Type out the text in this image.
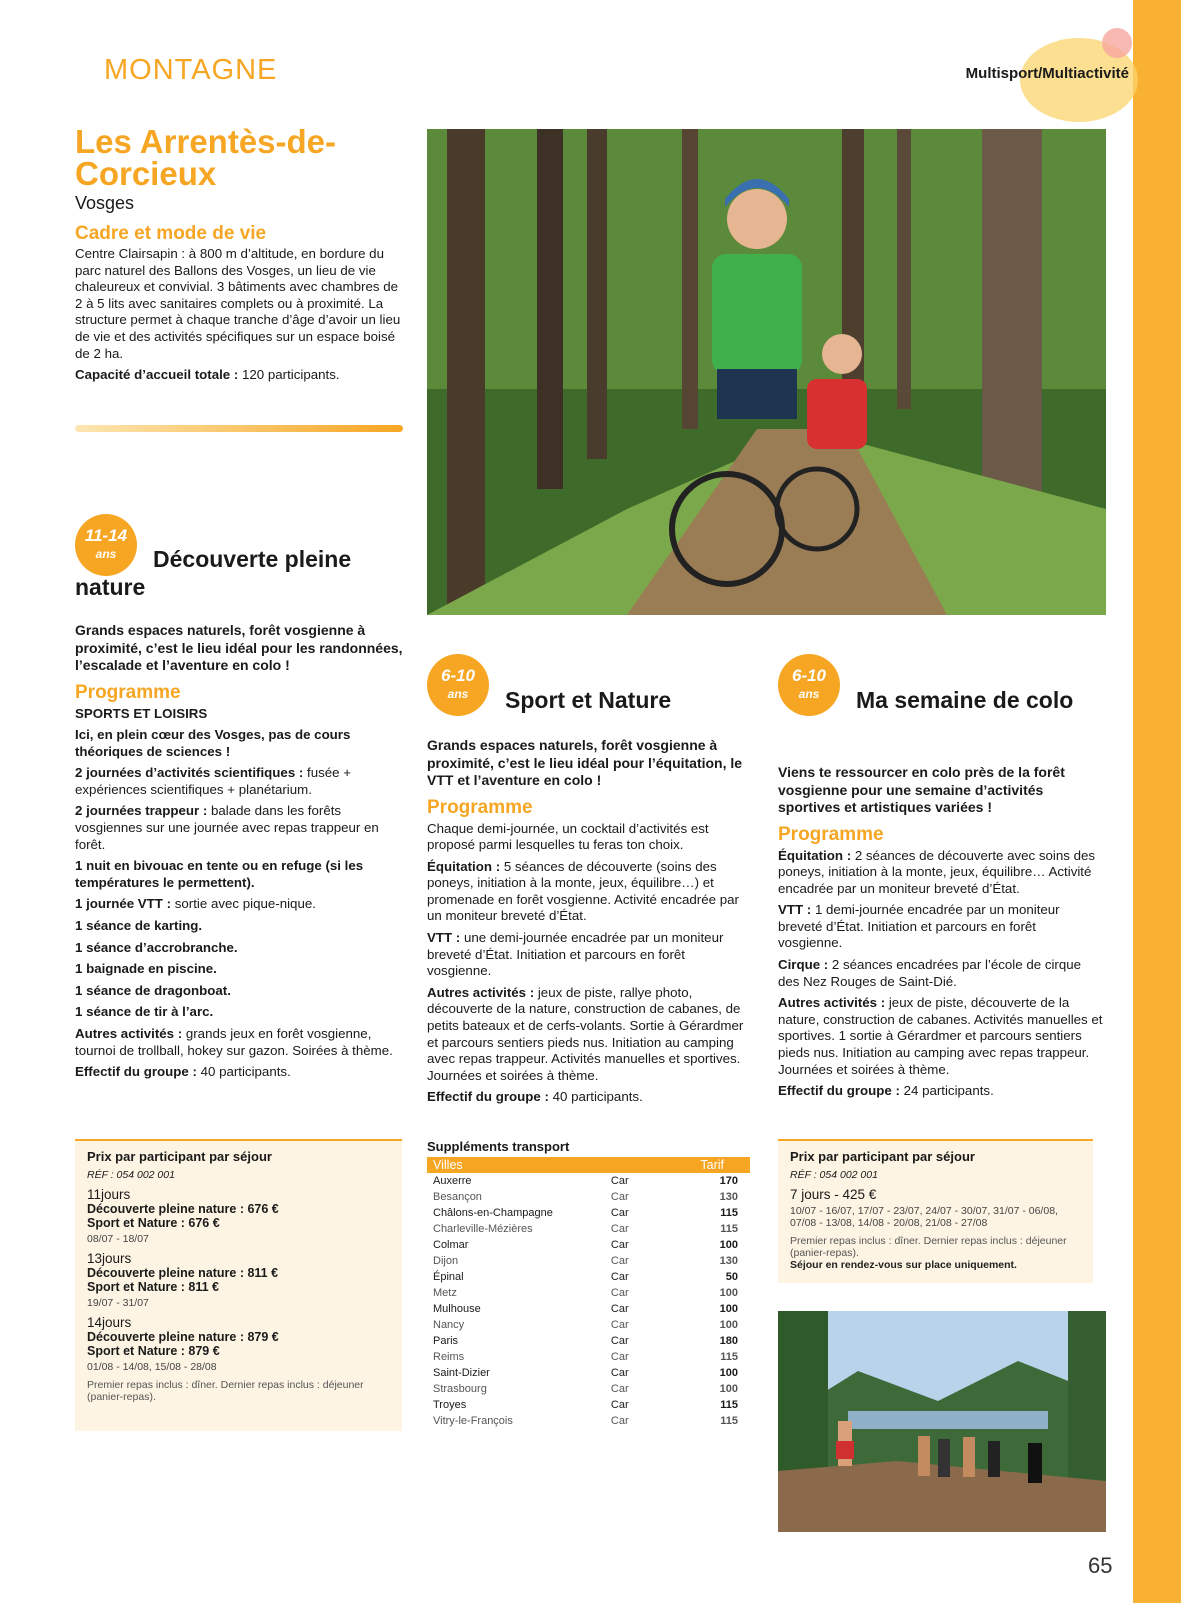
MONTAGNE	Multisport/Multiactivité
Les Arrentès-de-Corcieux
Vosges
Cadre et mode de vie

Centre Clairsapin : à 800 m d’altitude, en bordure du parc naturel des Ballons des Vosges, un lieu de vie chaleureux et convivial. 3 bâtiments avec chambres de 2 à 5 lits avec sanitaires complets ou à proximité. La structure permet à chaque tranche d’âge d’avoir un lieu de vie et des activités spécifiques sur un espace boisé de 2 ha.

Capacité d’accueil totale : 120 participants.

11-14
ans	Découverte pleine nature
Grands espaces naturels, forêt vosgienne à proximité, c’est le lieu idéal pour les randonnées, l’escalade et l’aventure en colo !
Programme

SPORTS ET LOISIRS

Ici, en plein cœur des Vosges, pas de cours théoriques de sciences !

2 journées d’activités scientifiques : fusée + expériences scientifiques + planétarium.

2 journées trappeur : balade dans les forêts vosgiennes sur une journée avec repas trappeur en forêt.

1 nuit en bivouac en tente ou en refuge (si les températures le permettent).

1 journée VTT : sortie avec pique-nique.

1 séance de karting.

1 séance d’accrobranche.

1 baignade en piscine.

1 séance de dragonboat.

1 séance de tir à l’arc.

Autres activités : grands jeux en forêt vosgienne, tournoi de trollball, hokey sur gazon. Soirées à thème.

Effectif du groupe : 40 participants.

Prix par participant par séjour
RÉF : 054 002 001
11jours
Découverte pleine nature : 676 €
Sport et Nature : 676 €
08/07 - 18/07
13jours
Découverte pleine nature : 811 €
Sport et Nature : 811 €
19/07 - 31/07
14jours
Découverte pleine nature : 879 €
Sport et Nature : 879 €
01/08 - 14/08, 15/08 - 28/08
Premier repas inclus : dîner. Dernier repas inclus : déjeuner (panier-repas).
6-10
ans	Sport et Nature
Grands espaces naturels, forêt vosgienne à proximité, c’est le lieu idéal pour l’équitation, le VTT et l’aventure en colo !
Programme

Chaque demi-journée, un cocktail d’activités est proposé parmi lesquelles tu feras ton choix.

Équitation : 5 séances de découverte (soins des poneys, initiation à la monte, jeux, équilibre…) et promenade en forêt vosgienne. Activité encadrée par un moniteur breveté d’État.

VTT : une demi-journée encadrée par un moniteur breveté d’État. Initiation et parcours en forêt vosgienne.

Autres activités : jeux de piste, rallye photo, découverte de la nature, construction de cabanes, de petits bateaux et de cerfs-volants. Sortie à Gérardmer et parcours sentiers pieds nus. Initiation au camping avec repas trappeur. Activités manuelles et sportives. Journées et soirées à thème.

Effectif du groupe : 40 participants.

Suppléments transport
Villes		Tarif
Auxerre	Car	170
Besançon	Car	130
Châlons-en-Champagne	Car	115
Charleville-Mézières	Car	115
Colmar	Car	100
Dijon	Car	130
Épinal	Car	50
Metz	Car	100
Mulhouse	Car	100
Nancy	Car	100
Paris	Car	180
Reims	Car	115
Saint-Dizier	Car	100
Strasbourg	Car	100
Troyes	Car	115
Vitry-le-François	Car	115
6-10
ans	Ma semaine de colo
Viens te ressourcer en colo près de la forêt vosgienne pour une semaine d’activités sportives et artistiques variées !
Programme

Équitation : 2 séances de découverte avec soins des poneys, initiation à la monte, jeux, équilibre… Activité encadrée par un moniteur breveté d’État.

VTT : 1 demi-journée encadrée par un moniteur breveté d’État. Initiation et parcours en forêt vosgienne.

Cirque : 2 séances encadrées par l’école de cirque des Nez Rouges de Saint-Dié.

Autres activités : jeux de piste, découverte de la nature, construction de cabanes. Activités manuelles et sportives. 1 sortie à Gérardmer et parcours sentiers pieds nus. Initiation au camping avec repas trappeur. Journées et soirées à thème.

Effectif du groupe : 24 participants.

Prix par participant par séjour
RÉF : 054 002 001
7 jours - 425 €
10/07 - 16/07, 17/07 - 23/07, 24/07 - 30/07, 31/07 - 06/08, 07/08 - 13/08, 14/08 - 20/08, 21/08 - 27/08
Premier repas inclus : dîner. Dernier repas inclus : déjeuner (panier-repas).
Séjour en rendez-vous sur place uniquement.
65
